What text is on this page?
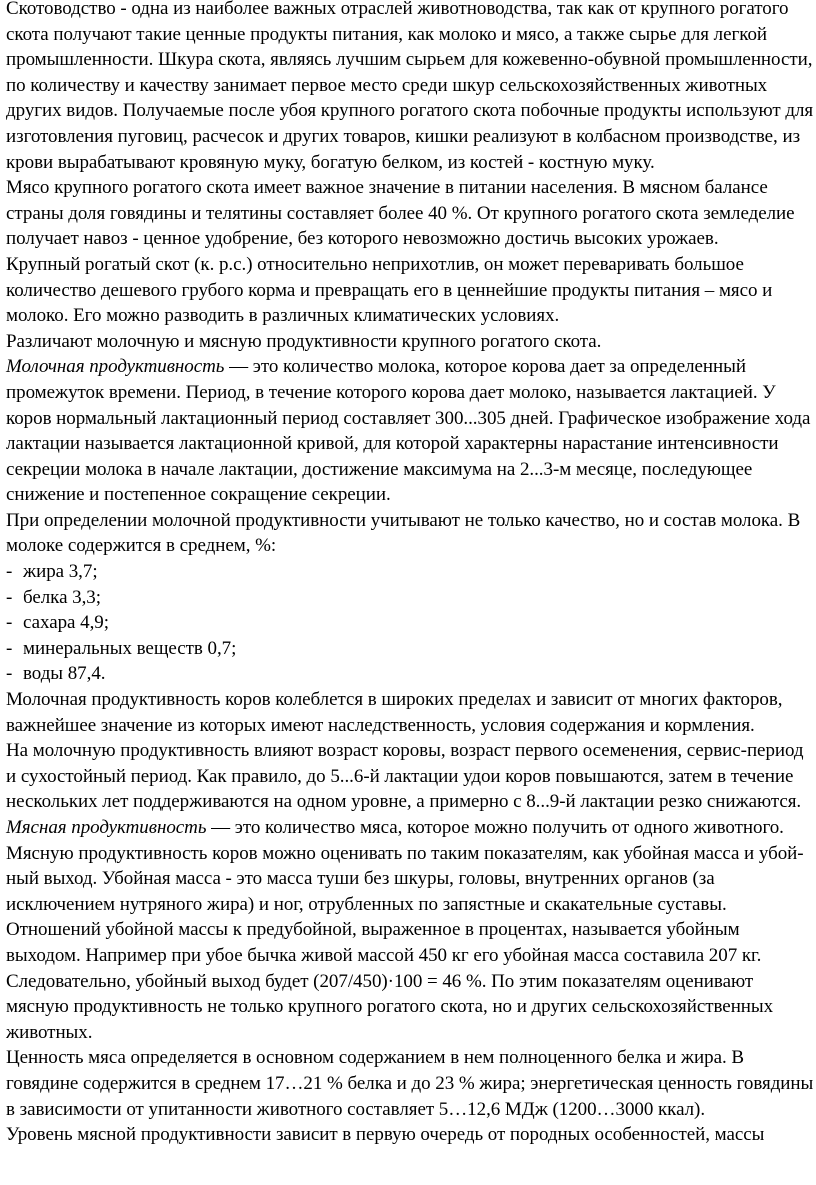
Скотоводство - одна из наиболее важных отраслей животноводства, так как от крупного рогатого скота получают такие ценные продукты питания, как молоко и мясо, а также сырье для легкой промышленности. Шкура скота, являясь лучшим сырьем для кожевенно-обувной промышленности, по количеству и качеству занимает первое место среди шкур сельскохозяйственных животных других видов. Получаемые после убоя крупного рогатого скота побочные продукты используют для изготовления пуговиц, расчесок и других товаров, кишки реализуют в колбасном производстве, из крови вырабатывают кровяную муку, богатую белком, из костей - костную муку.

Мясо крупного рогатого скота имеет важное значение в питании населения. В мясном балансе страны доля говядины и телятины составляет более 40 %. От крупного рогатого скота земледелие получает навоз - ценное удобрение, без которого невозможно достичь высоких урожаев.

Крупный рогатый скот (к. р.с.) относительно неприхотлив, он может переваривать большое количество дешевого грубого корма и превращать его в ценнейшие продукты питания – мясо и молоко. Его можно разводить в различных климатических условиях.

Различают молочную и мясную продуктивности крупного рогатого скота.

Молочная продуктивность — это количество молока, которое корова дает за определенный промежуток времени. Период, в течение которого корова дает молоко, называется лактацией. У коров нормальный лактационный период составляет 300...305 дней. Графическое изображение хода лактации называется лактационной кривой, для которой характерны нарастание интенсивности секреции молока в начале лактации, достижение максимума на 2...3-м месяце, последующее снижение и постепенное сокращение секреции.

При определении молочной продуктивности учитывают не только качество, но и состав молока. В молоке содержится в среднем, %:

- жира 3,7;
- белка 3,3;
- сахара 4,9;
- минеральных веществ 0,7;
- воды 87,4.

Молочная продуктивность коров колеблется в широких пределах и зависит от многих факторов, важнейшее значение из которых имеют наследственность, условия содержания и кормления.

На молочную продуктивность влияют возраст коровы, возраст первого осеменения, сервис-период и сухостойный период. Как правило, до 5...6-й лактации удои коров повышаются, затем в течение нескольких лет поддерживаются на одном уровне, а примерно с 8...9-й лактации резко снижаются.

Мясная продуктивность — это количество мяса, которое можно получить от одного животного.

Мясную продуктивность коров можно оценивать по таким показателям, как убойная масса и убой-ный выход. Убойная масса - это масса туши без шкуры, головы, внутренних органов (за исключением нутряного жира) и ног, отрубленных по запястные и скакательные суставы.

Отношений убойной массы к предубойной, выраженное в процентах, называется убойным выходом. Например при убое бычка живой массой 450 кг его убойная масса составила 207 кг. Следовательно, убойный выход будет (207/450)·100 = 46 %. По этим показателям оценивают мясную продуктивность не только крупного рогатого скота, но и других сельскохозяйственных животных.

Ценность мяса определяется в основном содержанием в нем полноценного белка и жира. В говядине содержится в среднем 17…21 % белка и до 23 % жира; энергетическая ценность говядины в зависимости от упитанности животного составляет 5…12,6 МДж (1200…3000 ккал).

Уровень мясной продуктивности зависит в первую очередь от породных особенностей, массы
